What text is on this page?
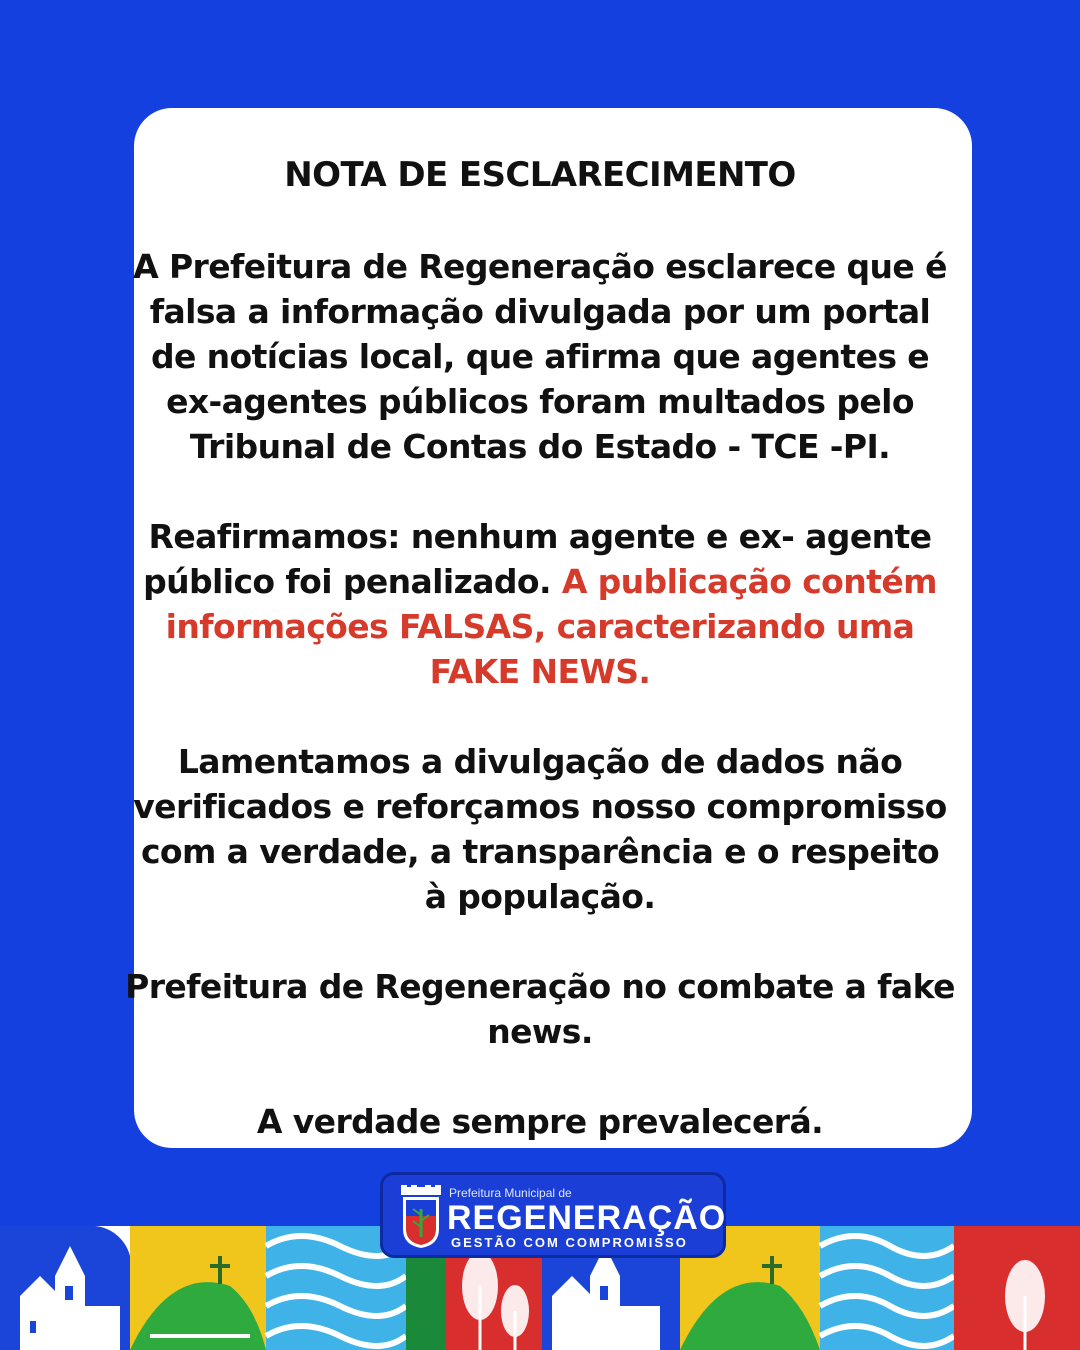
NOTA DE ESCLARECIMENTO
A Prefeitura de Regeneração esclarece que é
falsa a informação divulgada por um portal
de notícias local, que afirma que agentes e
ex-agentes públicos foram multados pelo
Tribunal de Contas do Estado - TCE -PI.
Reafirmamos: nenhum agente e ex- agente
público foi penalizado. A publicação contém
informações FALSAS, caracterizando uma
FAKE NEWS.
Lamentamos a divulgação de dados não
verificados e reforçamos nosso compromisso
com a verdade, a transparência e o respeito
à população.
Prefeitura de Regeneração no combate a fake
news.
A verdade sempre prevalecerá.
Prefeitura Municipal de
REGENERAÇÃO
GESTÃO COM COMPROMISSO
